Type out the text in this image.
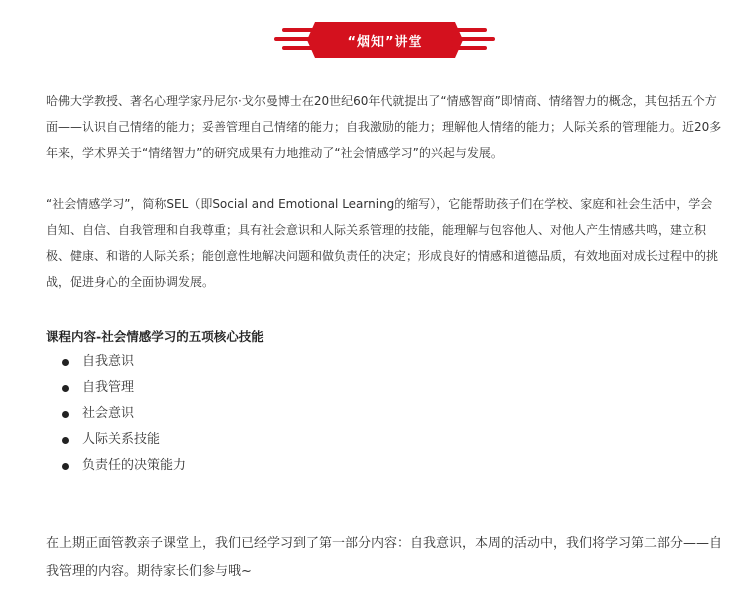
“烟知”讲堂

哈佛大学教授、著名心理学家丹尼尔·戈尔曼博士在20世纪60年代就提出了“情感智商”即情商、情绪智力的概念，其包括五个方面——认识自己情绪的能力；妥善管理自己情绪的能力；自我激励的能力；理解他人情绪的能力；人际关系的管理能力。近20多年来，学术界关于“情绪智力”的研究成果有力地推动了“社会情感学习”的兴起与发展。

“社会情感学习”，简称SEL（即Social and Emotional Learning的缩写），它能帮助孩子们在学校、家庭和社会生活中，学会自知、自信、自我管理和自我尊重；具有社会意识和人际关系管理的技能，能理解与包容他人、对他人产生情感共鸣，建立积极、健康、和谐的人际关系；能创意性地解决问题和做负责任的决定；形成良好的情感和道德品质，有效地面对成长过程中的挑战，促进身心的全面协调发展。

课程内容-社会情感学习的五项核心技能
自我意识
自我管理
社会意识
人际关系技能
负责任的决策能力

在上期正面管教亲子课堂上，我们已经学习到了第一部分内容：自我意识，本周的活动中，我们将学习第二部分——自我管理的内容。期待家长们参与哦~
